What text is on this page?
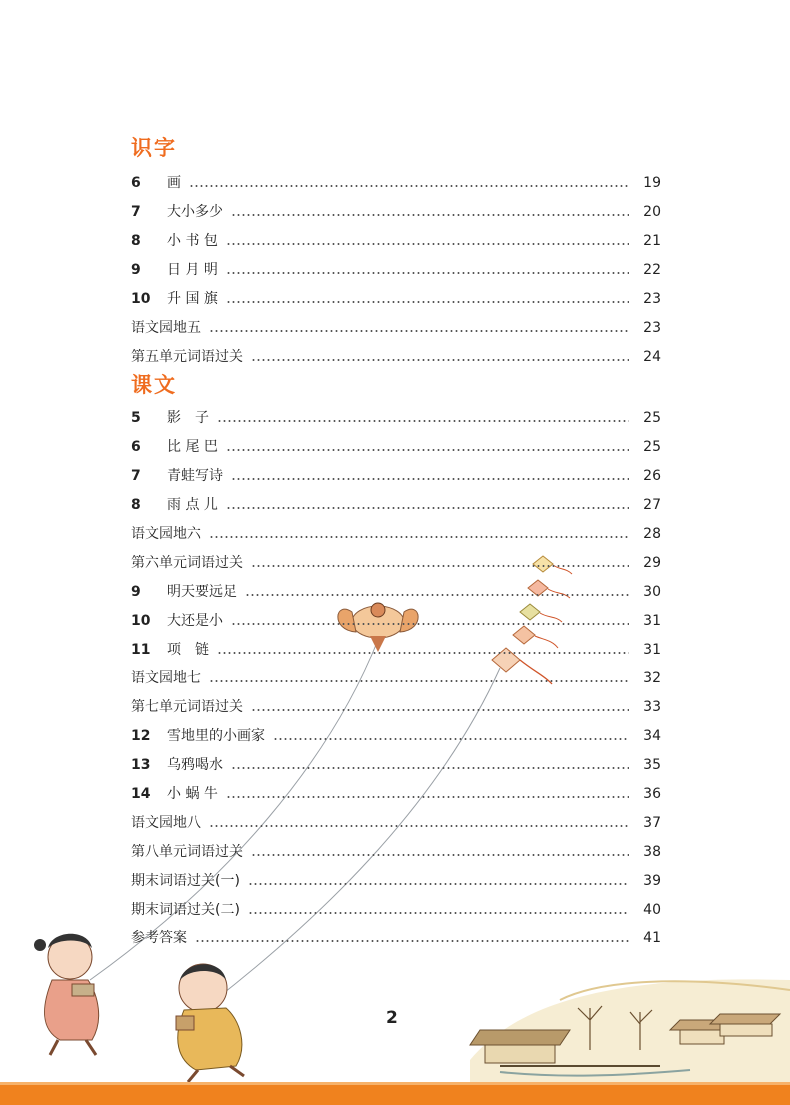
识字
6	画	19
7	大小多少	20
8	小 书 包	21
9	日 月 明	22
10	升 国 旗	23
语文园地五	23
第五单元词语过关	24
课文
5	影　子	25
6	比 尾 巴	25
7	青蛙写诗	26
8	雨 点 儿	27
语文园地六	28
第六单元词语过关	29
9	明天要远足	30
10	大还是小	31
11	项　链	31
语文园地七	32
第七单元词语过关	33
12	雪地里的小画家	34
13	乌鸦喝水	35
14	小 蜗 牛	36
语文园地八	37
第八单元词语过关	38
期末词语过关(一)	39
期末词语过关(二)	40
参考答案	41
2
